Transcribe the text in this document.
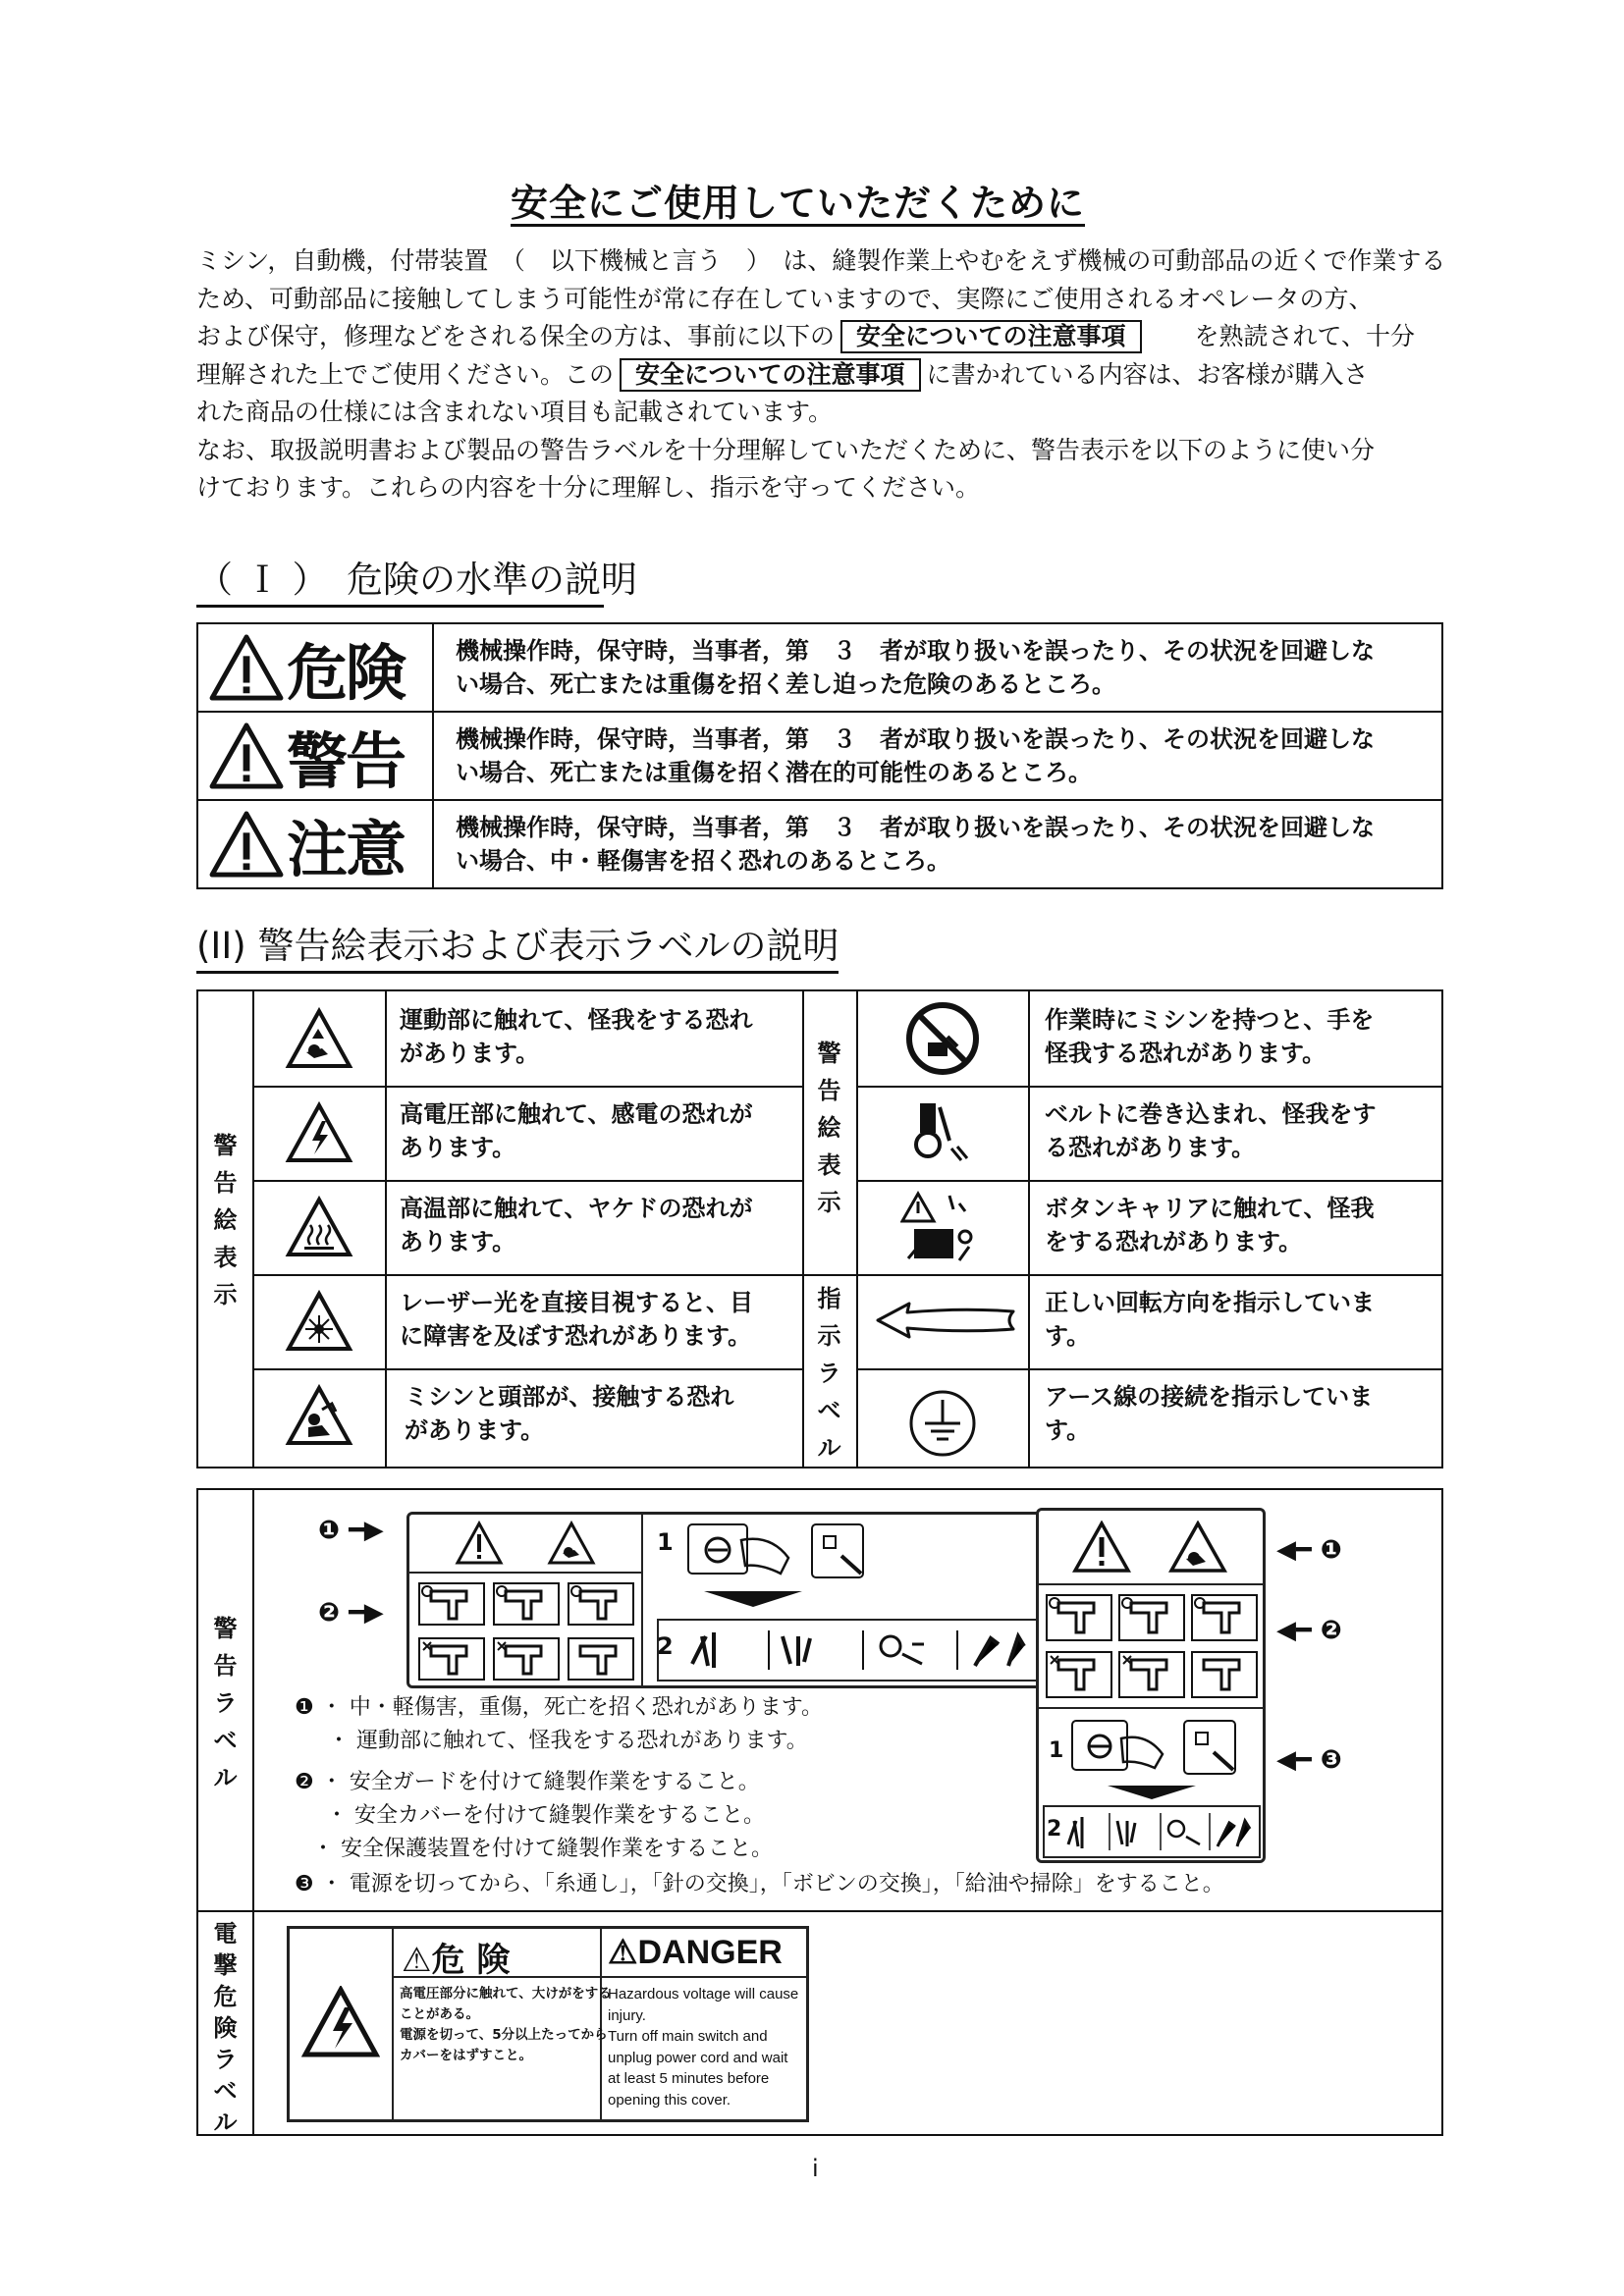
安全にご使用していただくために
ミシン，自動機，付帯装置　（　以下機械と言う　）　は、縫製作業上やむをえず機械の可動部品の近くで作業する
ため、可動部品に接触してしまう可能性が常に存在していますので、実際にご使用されるオペレータの方、
および保守，修理などをされる保全の方は、事前に以下の 安全についての注意事項	を熟読されて、十分
理解された上でご使用ください。この 安全についての注意事項 に書かれている内容は、お客様が購入さ
れた商品の仕様には含まれない項目も記載されています。
なお、取扱説明書および製品の警告ラベルを十分理解していただくために、警告表示を以下のように使い分
けております。これらの内容を十分に理解し、指示を守ってください。
（ Ｉ ）　危険の水準の説明
危険 機械操作時，保守時，当事者，第　３　者が取り扱いを誤ったり、その状況を回避しな
い場合、死亡または重傷を招く差し迫った危険のあるところ。
警告 機械操作時，保守時，当事者，第　３　者が取り扱いを誤ったり、その状況を回避しな
い場合、死亡または重傷を招く潜在的可能性のあるところ。
注意 機械操作時，保守時，当事者，第　３　者が取り扱いを誤ったり、その状況を回避しな
い場合、中・軽傷害を招く恐れのあるところ。
(II) 警告絵表示および表示ラベルの説明
警
告
絵
表
示
警
告
絵
表
示
指
示
ラ
ベ
ル
運動部に触れて、怪我をする恐れ
があります。
高電圧部に触れて、感電の恐れが
あります。
高温部に触れて、ヤケドの恐れが
あります。
レーザー光を直接目視すると、目
に障害を及ぼす恐れがあります。
ミシンと頭部が、接触する恐れ
があります。
作業時にミシンを持つと、手を
怪我する恐れがあります。
ベルトに巻き込まれ、怪我をす
る恐れがあります。
ボタンキャリアに触れて、怪我
をする恐れがあります。
正しい回転方向を指示していま
す。
アース線の接続を指示していま
す。
警
告
ラ
ベ
ル
電
撃
危
険
ラ
ベ
ル
1
2
❶ ━▶
❷ ━▶
1
2
◀━ ❶
◀━ ❷
◀━ ❸
❶ ・ 中・軽傷害，重傷，死亡を招く恐れがあります。
・ 運動部に触れて、怪我をする恐れがあります。
❷ ・ 安全ガードを付けて縫製作業をすること。
・ 安全カバーを付けて縫製作業をすること。
・ 安全保護装置を付けて縫製作業をすること。
❸ ・ 電源を切ってから、「糸通し」，「針の交換」，「ボビンの交換」，「給油や掃除」をすること。
⚠危 険	⚠DANGER
高電圧部分に触れて、大けがをする
ことがある。
電源を切って、5分以上たってから
カバーをはずすこと。
Hazardous voltage will cause
injury.
Turn off main switch and
unplug power cord and wait
at least 5 minutes before
opening this cover.
i
